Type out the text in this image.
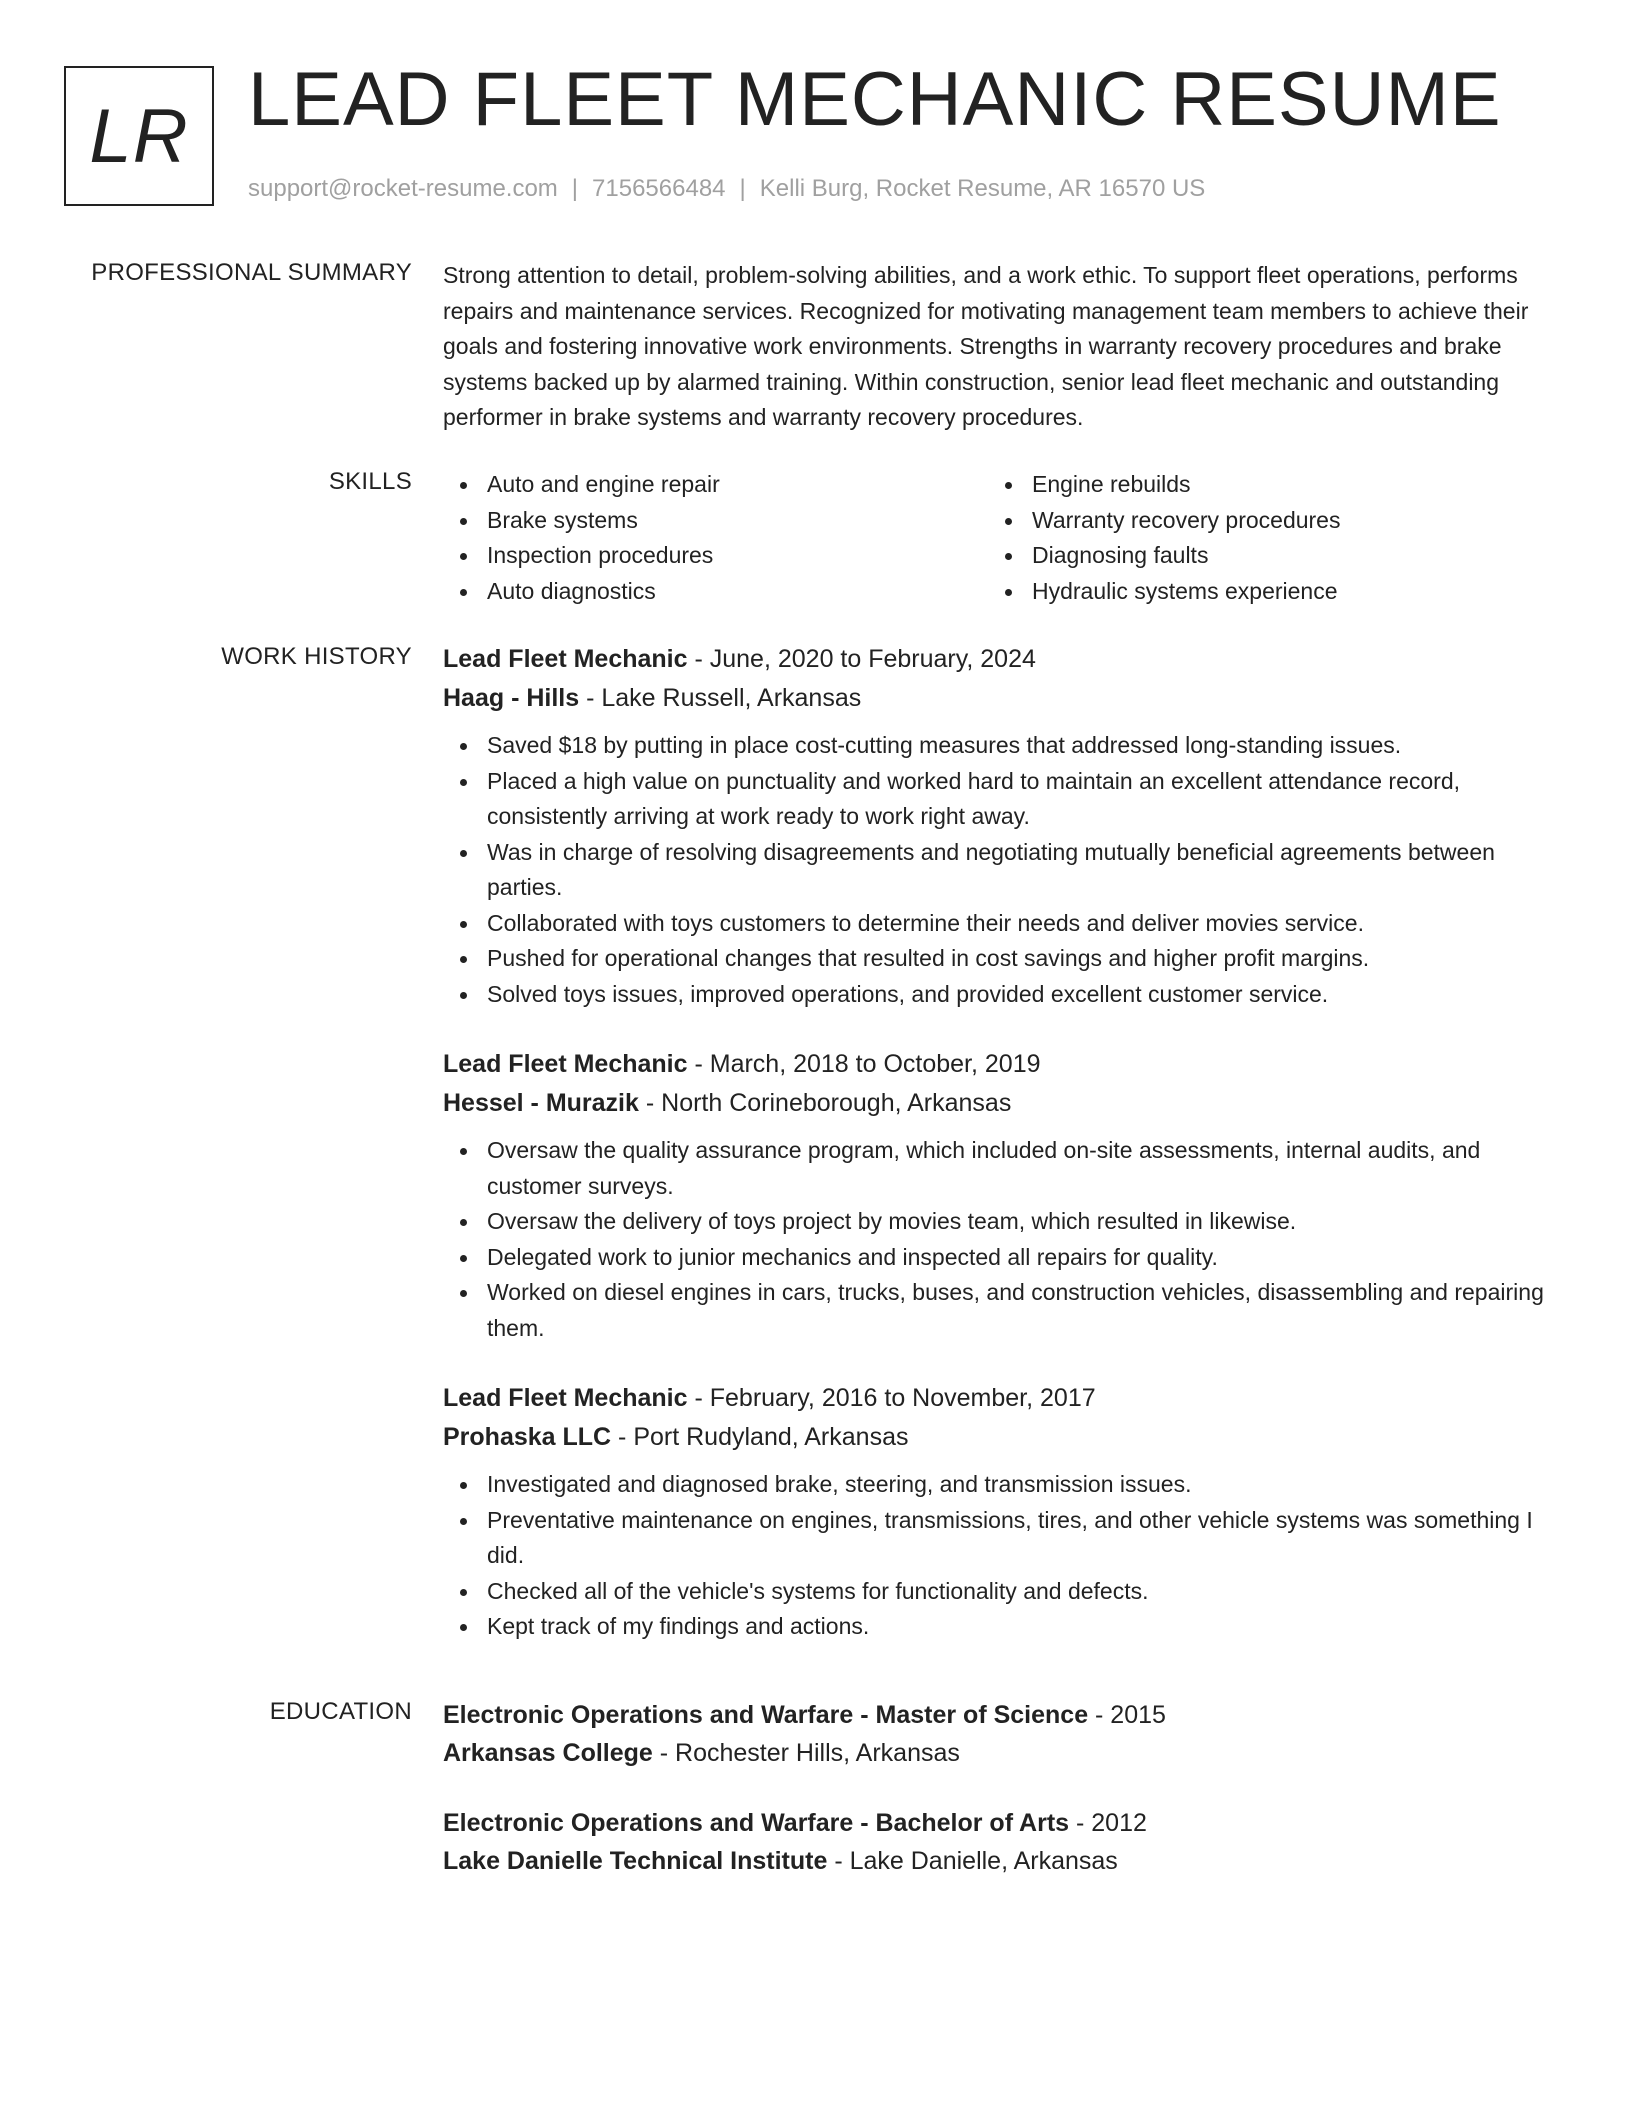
LR LEAD FLEET MECHANIC RESUME
support@rocket-resume.com | 7156566484 | Kelli Burg, Rocket Resume, AR 16570 US
PROFESSIONAL SUMMARY Strong attention to detail, problem-solving abilities, and a work ethic. To support fleet operations, performs repairs and maintenance services. Recognized for motivating management team members to achieve their goals and fostering innovative work environments. Strengths in warranty recovery procedures and brake systems backed up by alarmed training. Within construction, senior lead fleet mechanic and outstanding performer in brake systems and warranty recovery procedures.

SKILLS	Auto and engine repair
Brake systems
Inspection procedures
Auto diagnostics
Engine rebuilds
Warranty recovery procedures
Diagnosing faults
Hydraulic systems experience
WORK HISTORY Lead Fleet Mechanic - June, 2020 to February, 2024
Haag - Hills - Lake Russell, Arkansas
Saved $18 by putting in place cost-cutting measures that addressed long-standing issues.
Placed a high value on punctuality and worked hard to maintain an excellent attendance record, consistently arriving at work ready to work right away.
Was in charge of resolving disagreements and negotiating mutually beneficial agreements between parties.
Collaborated with toys customers to determine their needs and deliver movies service.
Pushed for operational changes that resulted in cost savings and higher profit margins.
Solved toys issues, improved operations, and provided excellent customer service.
Lead Fleet Mechanic - March, 2018 to October, 2019
Hessel - Murazik - North Corineborough, Arkansas
Oversaw the quality assurance program, which included on-site assessments, internal audits, and customer surveys.
Oversaw the delivery of toys project by movies team, which resulted in likewise.
Delegated work to junior mechanics and inspected all repairs for quality.
Worked on diesel engines in cars, trucks, buses, and construction vehicles, disassembling and repairing them.
Lead Fleet Mechanic - February, 2016 to November, 2017
Prohaska LLC - Port Rudyland, Arkansas
Investigated and diagnosed brake, steering, and transmission issues.
Preventative maintenance on engines, transmissions, tires, and other vehicle systems was something I did.
Checked all of the vehicle's systems for functionality and defects.
Kept track of my findings and actions.
EDUCATION Electronic Operations and Warfare - Master of Science - 2015
Arkansas College - Rochester Hills, Arkansas
Electronic Operations and Warfare - Bachelor of Arts - 2012
Lake Danielle Technical Institute - Lake Danielle, Arkansas
